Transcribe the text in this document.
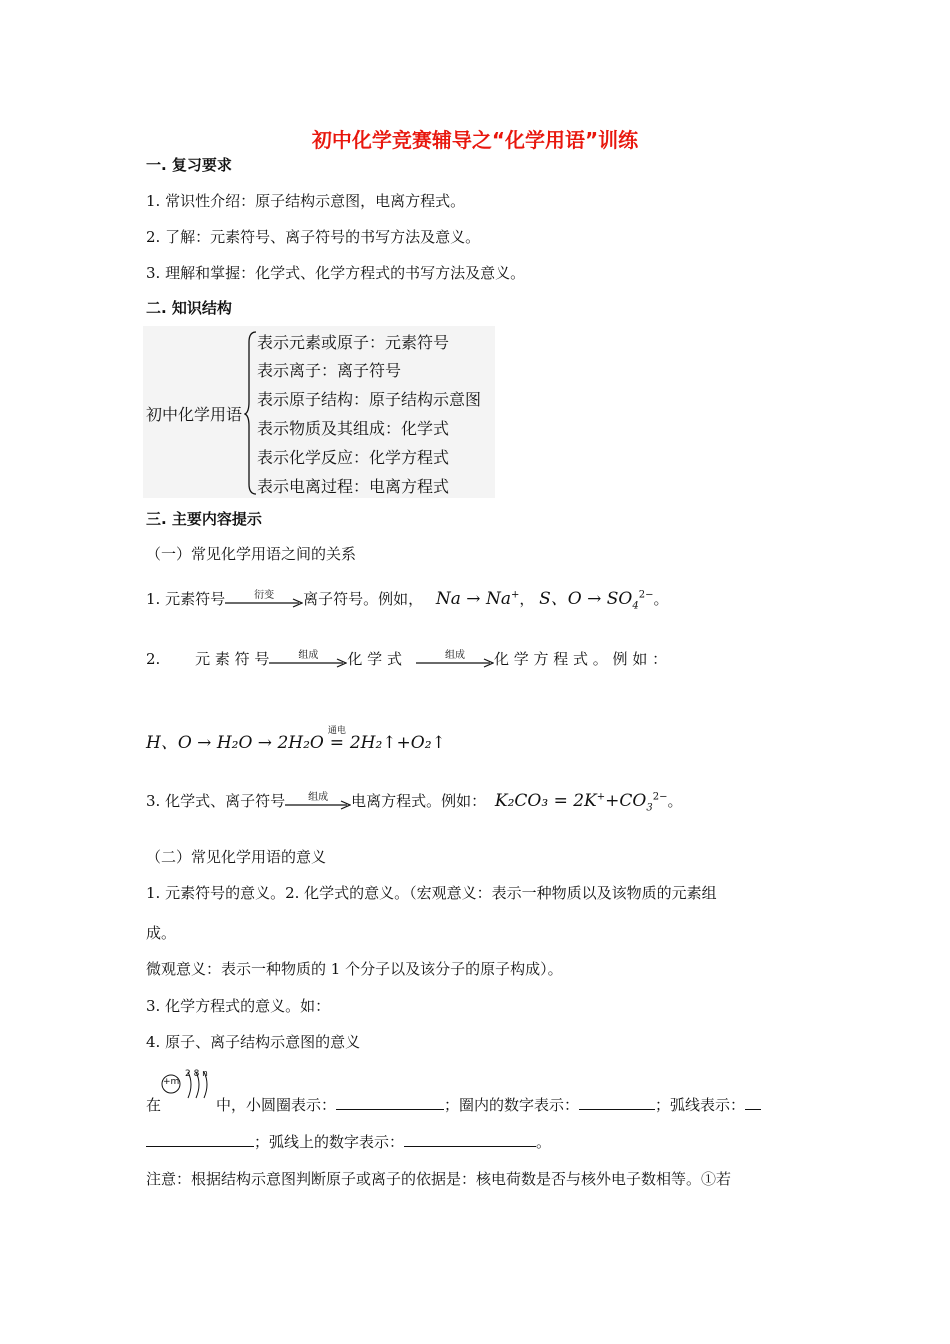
初中化学竞赛辅导之“化学用语”训练
一. 复习要求
1. 常识性介绍：原子结构示意图，电离方程式。
2. 了解：元素符号、离子符号的书写方法及意义。
3. 理解和掌握：化学式、化学方程式的书写方法及意义。
二. 知识结构
初中化学用语
表示元素或原子：元素符号
表示离子：离子符号
表示原子结构：原子结构示意图
表示物质及其组成：化学式
表示化学反应：化学方程式
表示电离过程：电离方程式
三. 主要内容提示
（一）常见化学用语之间的关系
1. 元素符号	衍变	离子符号。例如， Na → Na+， S、$O \to SO_4^{2-}$。
2. 元 素 符 号	组成	化 学 式	组成	化 学 方 程 式 。 例 如 ：
H、O → H₂O → 2H₂O
通电
= 2H₂↑+O₂↑
3. 化学式、离子符号	组成	电离方程式。例如： $K_2CO_3 = 2K^++CO_3^{2-}$。
（二）常见化学用语的意义
1. 元素符号的意义。2. 化学式的意义。（宏观意义：表示一种物质以及该物质的元素组
成。
微观意义：表示一种物质的 1 个分子以及该分子的原子构成）。
3. 化学方程式的意义。如：
4. 原子、离子结构示意图的意义
在
+m
2 8 n
中，小圆圈表示：	；圈内的数字表示：	；弧线表示：
；弧线上的数字表示：	。
注意：根据结构示意图判断原子或离子的依据是：核电荷数是否与核外电子数相等。①若
